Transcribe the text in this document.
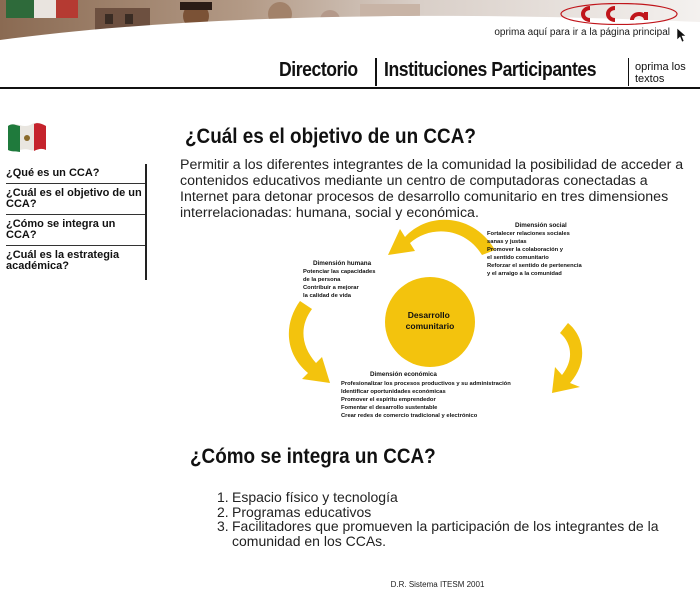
oprima aquí para ir a la página principal
Directorio Instituciones Participantes	oprima los textos
¿Qué es un CCA?
¿Cuál es el objetivo de un CCA?
¿Cómo se integra un CCA?
¿Cuál es la estrategia académica?
¿Cuál es el objetivo de un CCA?

Permitir a los diferentes integrantes de la comunidad la posibilidad de acceder a contenidos educativos mediante un centro de computadoras conectadas a Internet para detonar procesos de desarrollo comunitario en tres dimensiones interrelacionadas: humana, social y económica.

Desarrollo comunitario
Dimensión humana Potenciar las capacidades de la persona Contribuir a mejorar la calidad de vida
Dimensión social Fortalecer relaciones sociales sanas y justas Promover la colaboración y el sentido comunitario Reforzar el sentido de pertenencia y el arraigo a la comunidad
Dimensión económica Profesionalizar los procesos productivos y su administración Identificar oportunidades económicas Promover el espíritu emprendedor Fomentar el desarrollo sustentable Crear redes de comercio tradicional y electrónico
¿Cómo se integra un CCA?
1. Espacio físico y tecnología
2. Programas educativos
3. Facilitadores que promueven la participación de los integrantes de la comunidad en los CCAs.
D.R. Sistema ITESM 2001
